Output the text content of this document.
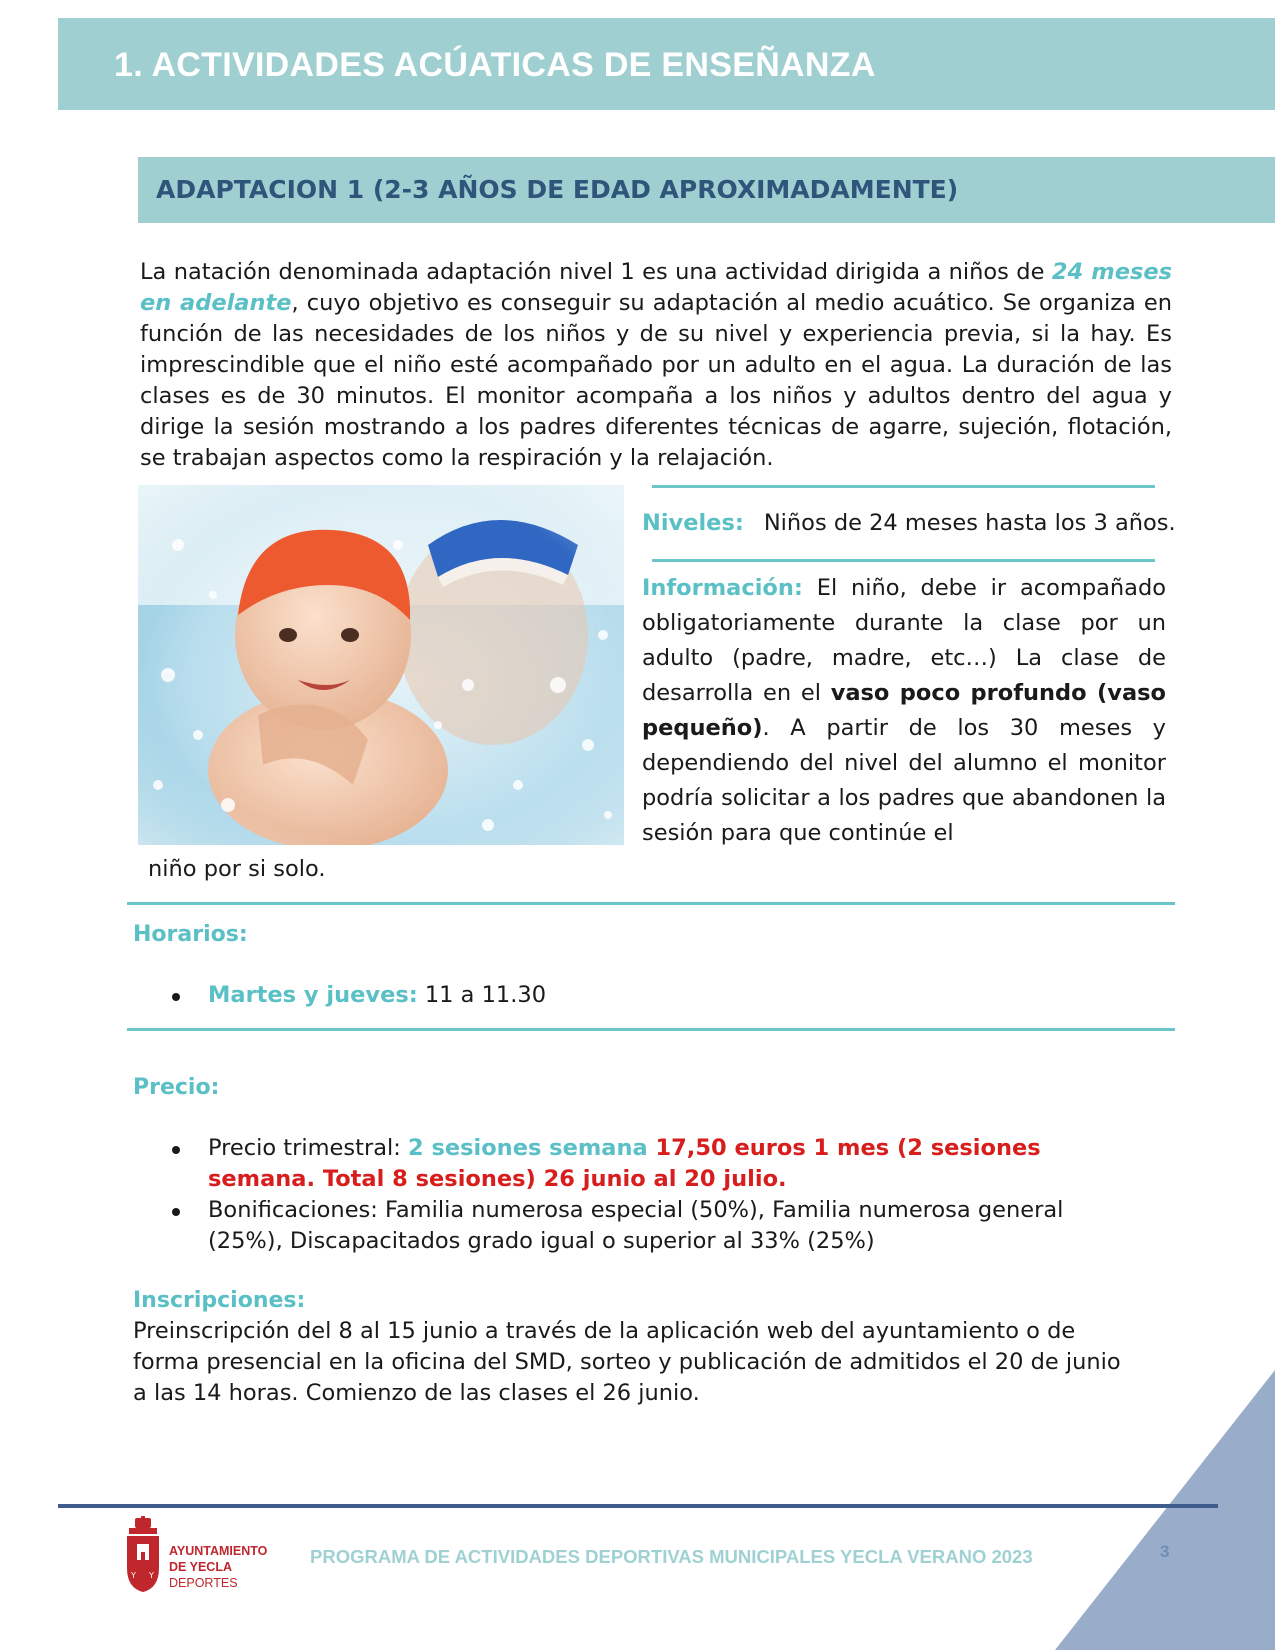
1. ACTIVIDADES ACÚATICAS DE ENSEÑANZA
ADAPTACION 1 (2-3 AÑOS DE EDAD APROXIMADAMENTE)

La natación denominada adaptación nivel 1 es una actividad dirigida a niños de 24 meses en adelante, cuyo objetivo es conseguir su adaptación al medio acuático. Se organiza en función de las necesidades de los niños y de su nivel y experiencia previa, si la hay. Es imprescindible que el niño esté acompañado por un adulto en el agua. La duración de las clases es de 30 minutos. El monitor acompaña a los niños y adultos dentro del agua y dirige la sesión mostrando a los padres diferentes técnicas de agarre, sujeción, flotación, se trabajan aspectos como la respiración y la relajación.

Niveles: Niños de 24 meses hasta los 3 años.

Información: El niño, debe ir acompañado obligatoriamente durante la clase por un adulto (padre, madre, etc…) La clase de desarrolla en el vaso poco profundo (vaso pequeño). A partir de los 30 meses y dependiendo del nivel del alumno el monitor podría solicitar a los padres que abandonen la sesión para que continúe el

niño por si solo.

Horarios:

Martes y jueves: 11 a 11.30

Precio:

Precio trimestral: 2 sesiones semana 17,50 euros 1 mes (2 sesiones semana. Total 8 sesiones) 26 junio al 20 julio.
Bonificaciones: Familia numerosa especial (50%), Familia numerosa general (25%), Discapacitados grado igual o superior al 33% (25%)

Inscripciones:

Preinscripción del 8 al 15 junio a través de la aplicación web del ayuntamiento o de forma presencial en la oficina del SMD, sorteo y publicación de admitidos el 20 de junio a las 14 horas. Comienzo de las clases el 26 junio.

Y Y
AYUNTAMIENTO
DE YECLA
DEPORTES
PROGRAMA DE ACTIVIDADES DEPORTIVAS MUNICIPALES YECLA VERANO 2023	3
